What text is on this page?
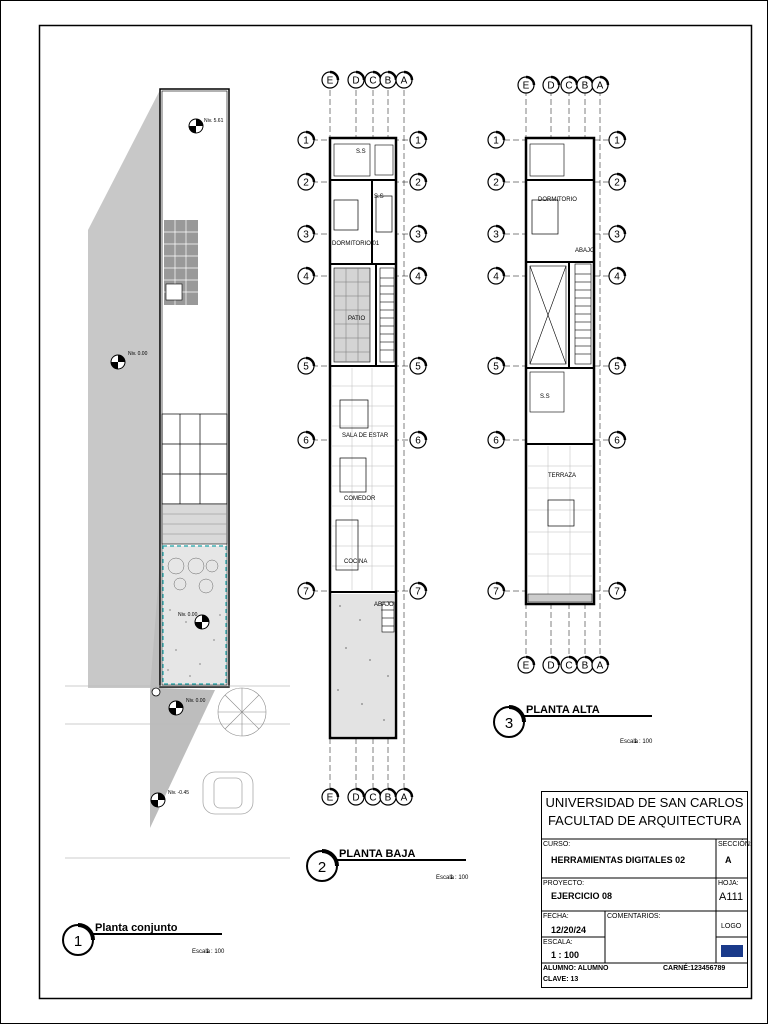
Niv. 5.61
Niv. 0.00
Niv. 0.00
Niv. 0.00
Niv. -0.45
1
Planta conjunto
Escala
1 : 100
S.S
S.S
DORMITORIO 01
PATIO
SALA DE ESTAR
COMEDOR
COCINA
ABAJO
2
PLANTA BAJA
Escala
1 : 100
DORMITORIO
S.S
TERRAZA
ABAJO
3
PLANTA ALTA
Escala
1 : 100
E
E
E
E
D
D
D
D
C
C
C
C
B
B
B
B
A
A
A
A
1	1	1	1
2	2	2	2
3	3	3	3
4	4	4	4
5	5	5	5
6	6	6	6
7	7	7	7
UNIVERSIDAD DE SAN CARLOS
FACULTAD DE ARQUITECTURA
CURSO:
HERRAMIENTAS DIGITALES 02
SECCIÓN:
A
PROYECTO:
EJERCICIO 08
HOJA:
A111
FECHA:
12/20/24
COMENTARIOS:
LOGO
ESCALA:
1 : 100
ALUMNO: ALUMNO	CARNÉ:123456789
CLAVE: 13
